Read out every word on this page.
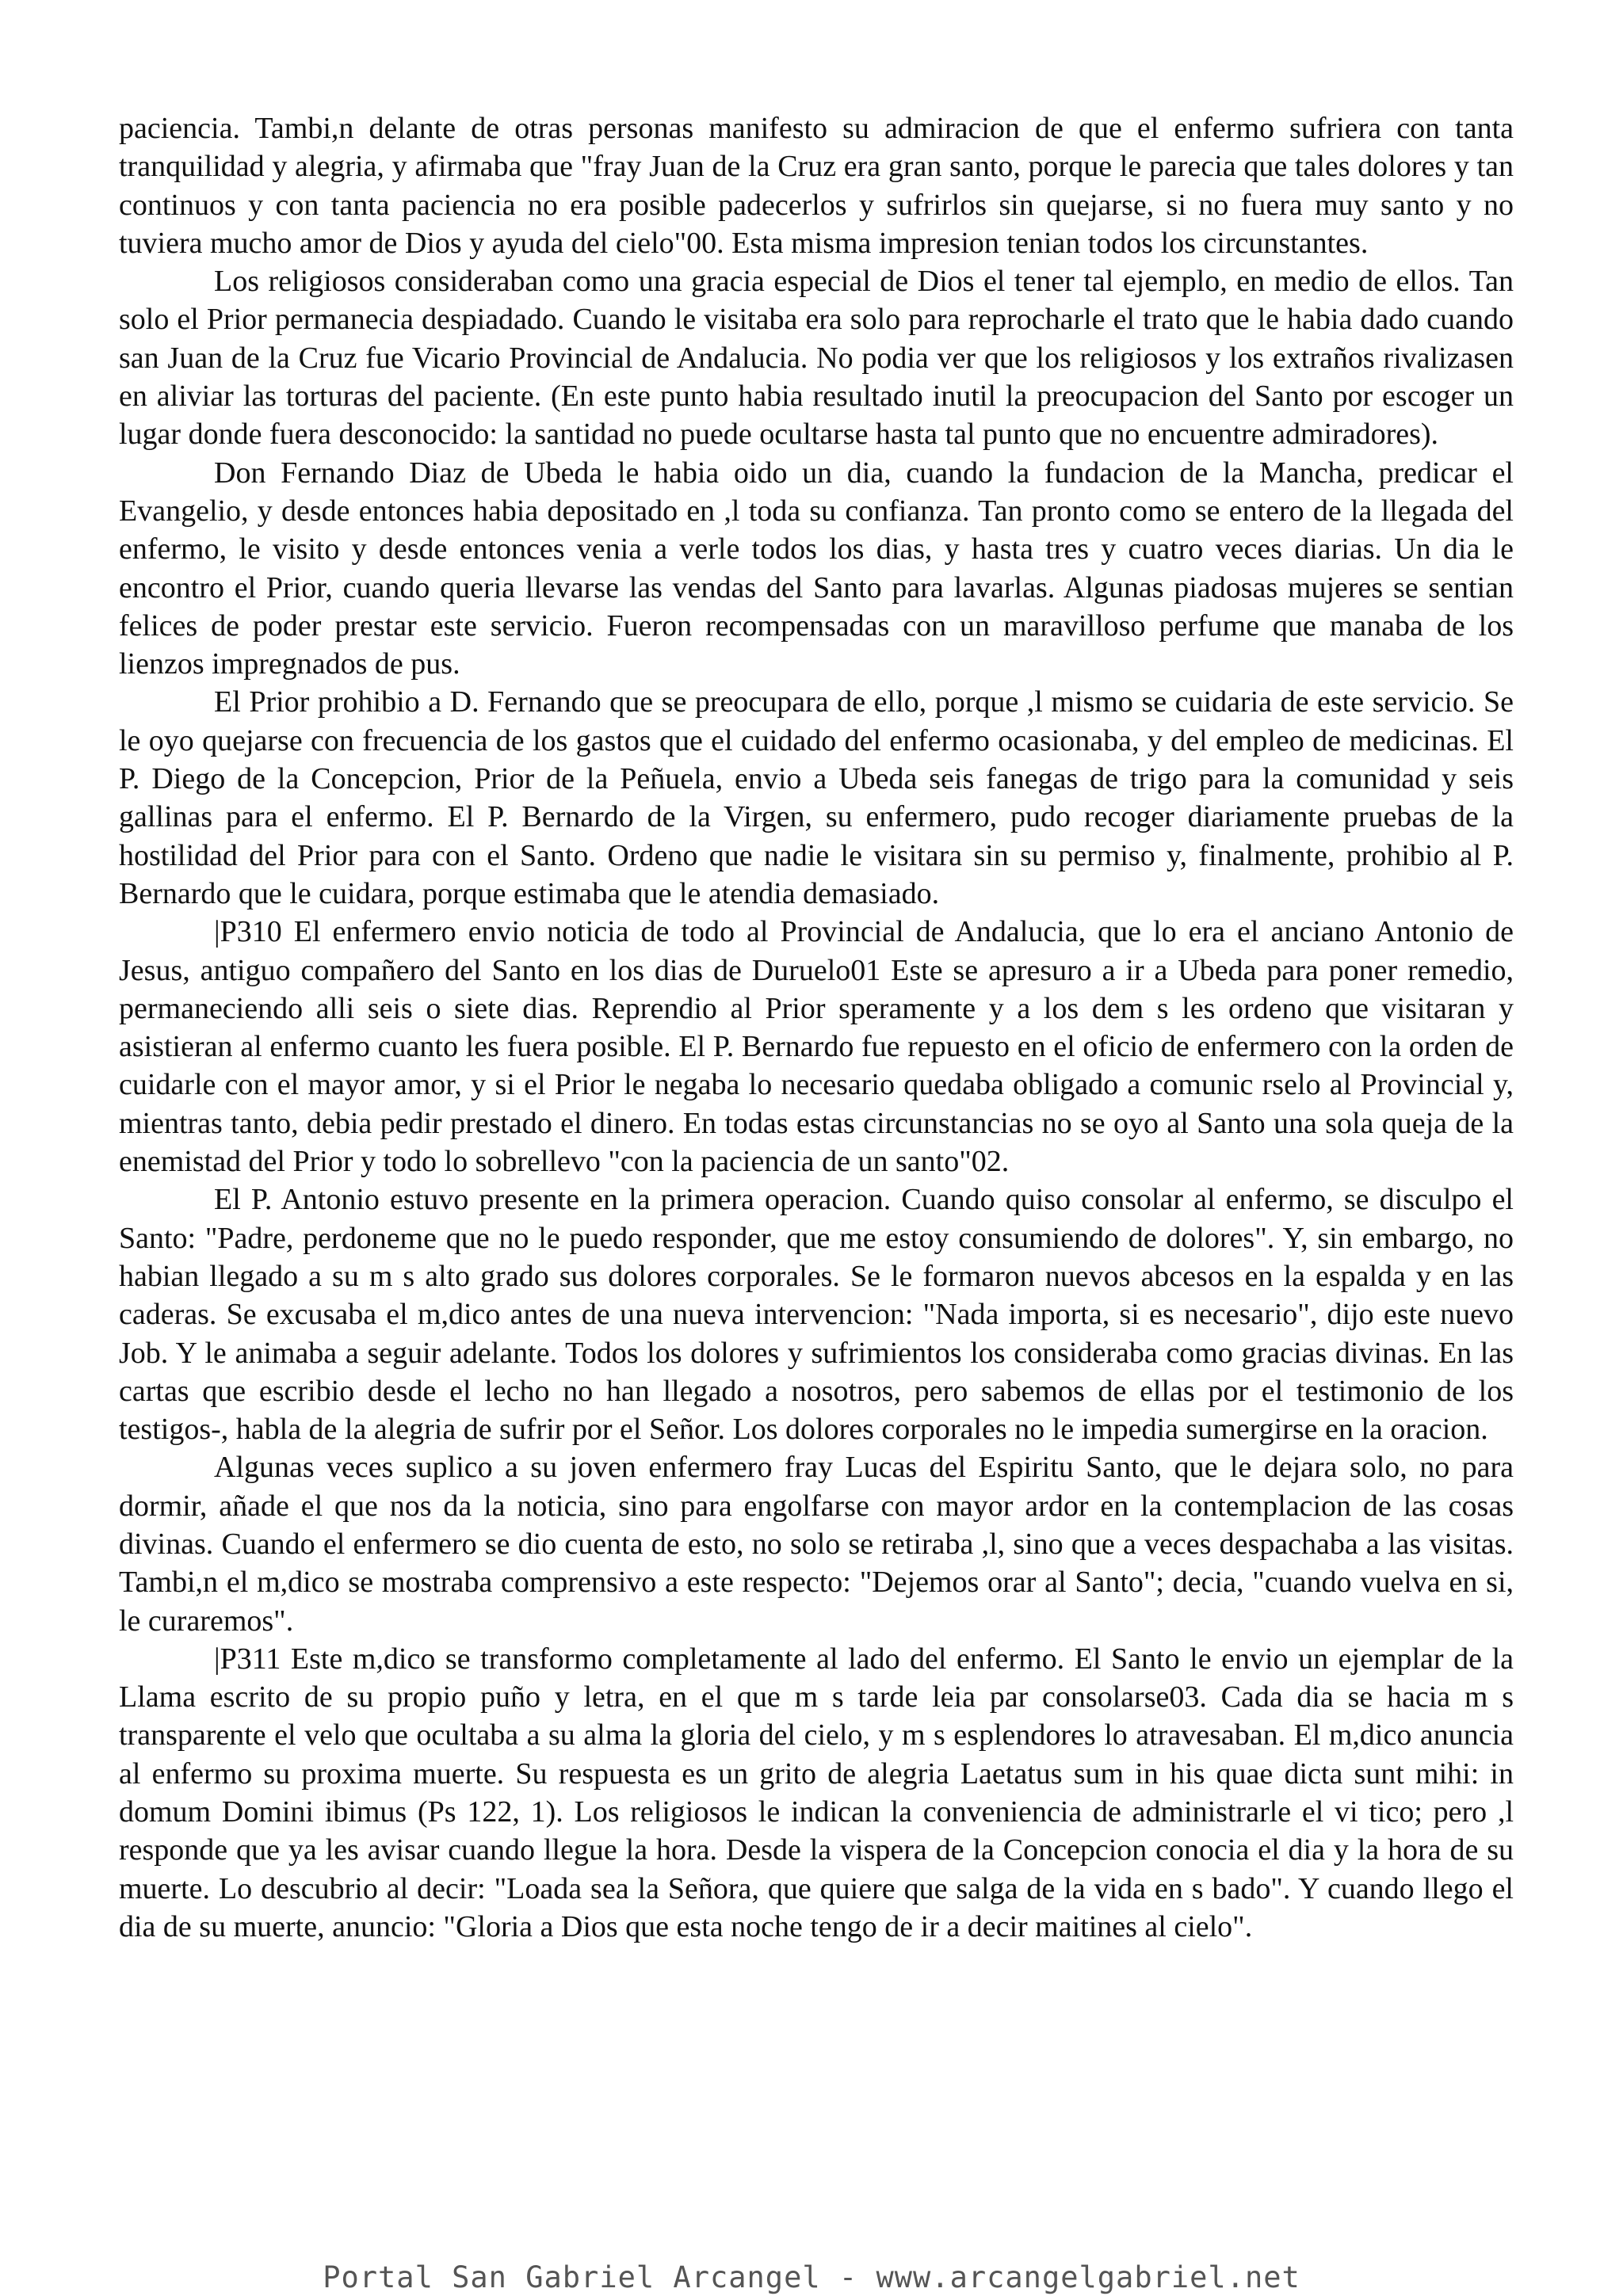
paciencia. Tambi,n delante de otras personas manifesto su admiracion de que el enfermo sufriera con tanta tranquilidad y alegria, y afirmaba que "fray Juan de la Cruz era gran santo, porque le parecia que tales dolores y tan continuos y con tanta paciencia no era posible padecerlos y sufrirlos sin quejarse, si no fuera muy santo y no tuviera mucho amor de Dios y ayuda del cielo"00. Esta misma impresion tenian todos los circunstantes.

Los religiosos consideraban como una gracia especial de Dios el tener tal ejemplo, en medio de ellos. Tan solo el Prior permanecia despiadado. Cuando le visitaba era solo para reprocharle el trato que le habia dado cuando san Juan de la Cruz fue Vicario Provincial de Andalucia. No podia ver que los religiosos y los extraños rivalizasen en aliviar las torturas del paciente. (En este punto habia resultado inutil la preocupacion del Santo por escoger un lugar donde fuera desconocido: la santidad no puede ocultarse hasta tal punto que no encuentre admiradores).

Don Fernando Diaz de Ubeda le habia oido un dia, cuando la fundacion de la Mancha, predicar el Evangelio, y desde entonces habia depositado en ,l toda su confianza. Tan pronto como se entero de la llegada del enfermo, le visito y desde entonces venia a verle todos los dias, y hasta tres y cuatro veces diarias. Un dia le encontro el Prior, cuando queria llevarse las vendas del Santo para lavarlas. Algunas piadosas mujeres se sentian felices de poder prestar este servicio. Fueron recompensadas con un maravilloso perfume que manaba de los lienzos impregnados de pus.

El Prior prohibio a D. Fernando que se preocupara de ello, porque ,l mismo se cuidaria de este servicio. Se le oyo quejarse con frecuencia de los gastos que el cuidado del enfermo ocasionaba, y del empleo de medicinas. El P. Diego de la Concepcion, Prior de la Peñuela, envio a Ubeda seis fanegas de trigo para la comunidad y seis gallinas para el enfermo. El P. Bernardo de la Virgen, su enfermero, pudo recoger diariamente pruebas de la hostilidad del Prior para con el Santo. Ordeno que nadie le visitara sin su permiso y, finalmente, prohibio al P. Bernardo que le cuidara, porque estimaba que le atendia demasiado.

|P310 El enfermero envio noticia de todo al Provincial de Andalucia, que lo era el anciano Antonio de Jesus, antiguo compañero del Santo en los dias de Duruelo01 Este se apresuro a ir a Ubeda para poner remedio, permaneciendo alli seis o siete dias. Reprendio al Prior speramente y a los dem s les ordeno que visitaran y asistieran al enfermo cuanto les fuera posible. El P. Bernardo fue repuesto en el oficio de enfermero con la orden de cuidarle con el mayor amor, y si el Prior le negaba lo necesario quedaba obligado a comunic rselo al Provincial y, mientras tanto, debia pedir prestado el dinero. En todas estas circunstancias no se oyo al Santo una sola queja de la enemistad del Prior y todo lo sobrellevo "con la paciencia de un santo"02.

El P. Antonio estuvo presente en la primera operacion. Cuando quiso consolar al enfermo, se disculpo el Santo: "Padre, perdoneme que no le puedo responder, que me estoy consumiendo de dolores". Y, sin embargo, no habian llegado a su m s alto grado sus dolores corporales. Se le formaron nuevos abcesos en la espalda y en las caderas. Se excusaba el m,dico antes de una nueva intervencion: "Nada importa, si es necesario", dijo este nuevo Job. Y le animaba a seguir adelante. Todos los dolores y sufrimientos los consideraba como gracias divinas. En las cartas que escribio desde el lecho no han llegado a nosotros, pero sabemos de ellas por el testimonio de los testigos-, habla de la alegria de sufrir por el Señor. Los dolores corporales no le impedia sumergirse en la oracion.

Algunas veces suplico a su joven enfermero fray Lucas del Espiritu Santo, que le dejara solo, no para dormir, añade el que nos da la noticia, sino para engolfarse con mayor ardor en la contemplacion de las cosas divinas. Cuando el enfermero se dio cuenta de esto, no solo se retiraba ,l, sino que a veces despachaba a las visitas. Tambi,n el m,dico se mostraba comprensivo a este respecto: "Dejemos orar al Santo"; decia, "cuando vuelva en si, le curaremos".

|P311 Este m,dico se transformo completamente al lado del enfermo. El Santo le envio un ejemplar de la Llama escrito de su propio puño y letra, en el que m s tarde leia par consolarse03. Cada dia se hacia m s transparente el velo que ocultaba a su alma la gloria del cielo, y m s esplendores lo atravesaban. El m,dico anuncia al enfermo su proxima muerte. Su respuesta es un grito de alegria Laetatus sum in his quae dicta sunt mihi: in domum Domini ibimus (Ps 122, 1). Los religiosos le indican la conveniencia de administrarle el vi tico; pero ,l responde que ya les avisar cuando llegue la hora. Desde la vispera de la Concepcion conocia el dia y la hora de su muerte. Lo descubrio al decir: "Loada sea la Señora, que quiere que salga de la vida en s bado". Y cuando llego el dia de su muerte, anuncio: "Gloria a Dios que esta noche tengo de ir a decir maitines al cielo".

Portal San Gabriel Arcangel - www.arcangelgabriel.net
